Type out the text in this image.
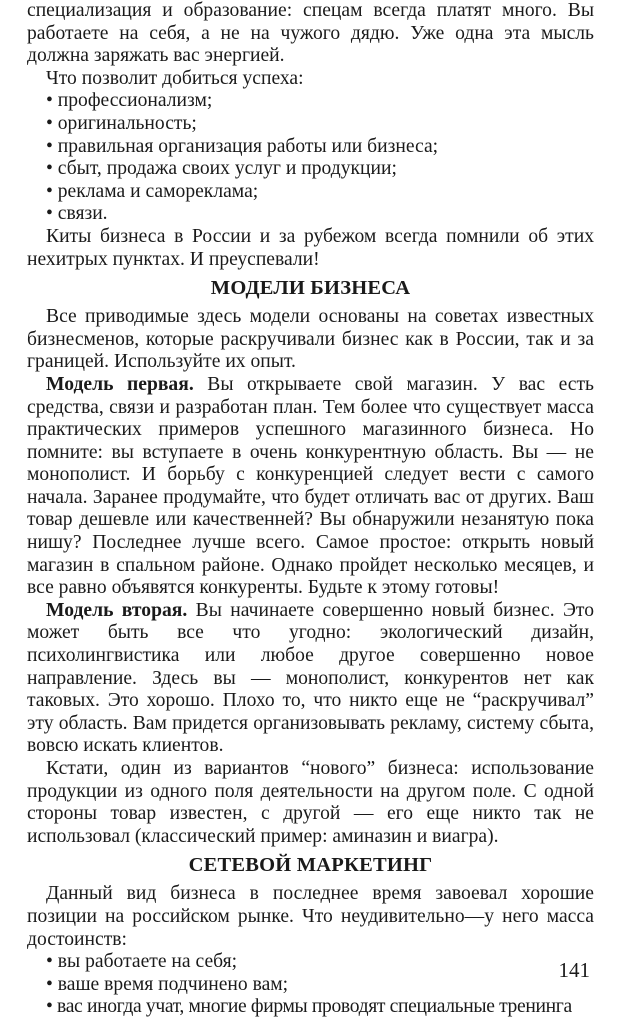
специализация и образование: спецам всегда платят много. Вы работаете на себя, а не на чужого дядю. Уже одна эта мысль должна заряжать вас энергией.

Что позволит добиться успеха:

• профессионализм;

• оригинальность;

• правильная организация работы или бизнеса;

• сбыт, продажа своих услуг и продукции;

• реклама и самореклама;

• связи.

Киты бизнеса в России и за рубежом всегда помнили об этих нехитрых пунктах. И преуспевали!

МОДЕЛИ БИЗНЕСА

Все приводимые здесь модели основаны на советах известных бизнесменов, которые раскручивали бизнес как в России, так и за границей. Используйте их опыт.

Модель первая. Вы открываете свой магазин. У вас есть средства, связи и разработан план. Тем более что существует масса практических примеров успешного магазинного бизнеса. Но помните: вы вступаете в очень конкурентную область. Вы — не монополист. И борьбу с конкуренцией следует вести с самого начала. Заранее продумайте, что будет отличать вас от других. Ваш товар дешевле или качественней? Вы обнаружили незанятую пока нишу? Последнее лучше всего. Самое простое: открыть новый магазин в спальном районе. Однако пройдет несколько месяцев, и все равно объявятся конкуренты. Будьте к этому готовы!

Модель вторая. Вы начинаете совершенно новый бизнес. Это может быть все что угодно: экологический дизайн, психолингвистика или любое другое совершенно новое направление. Здесь вы — монополист, конкурентов нет как таковых. Это хорошо. Плохо то, что никто еще не “раскручивал” эту область. Вам придется организовывать рекламу, систему сбыта, вовсю искать клиентов.

Кстати, один из вариантов “нового” бизнеса: использование продукции из одного поля деятельности на другом поле. С одной стороны товар известен, с другой — его еще никто так не использовал (классический пример: аминазин и виагра).

СЕТЕВОЙ МАРКЕТИНГ

Данный вид бизнеса в последнее время завоевал хорошие позиции на российском рынке. Что неудивительно—у него масса достоинств:

• вы работаете на себя;

• ваше время подчинено вам;

• вас иногда учат, многие фирмы проводят специальные тренинга

141
